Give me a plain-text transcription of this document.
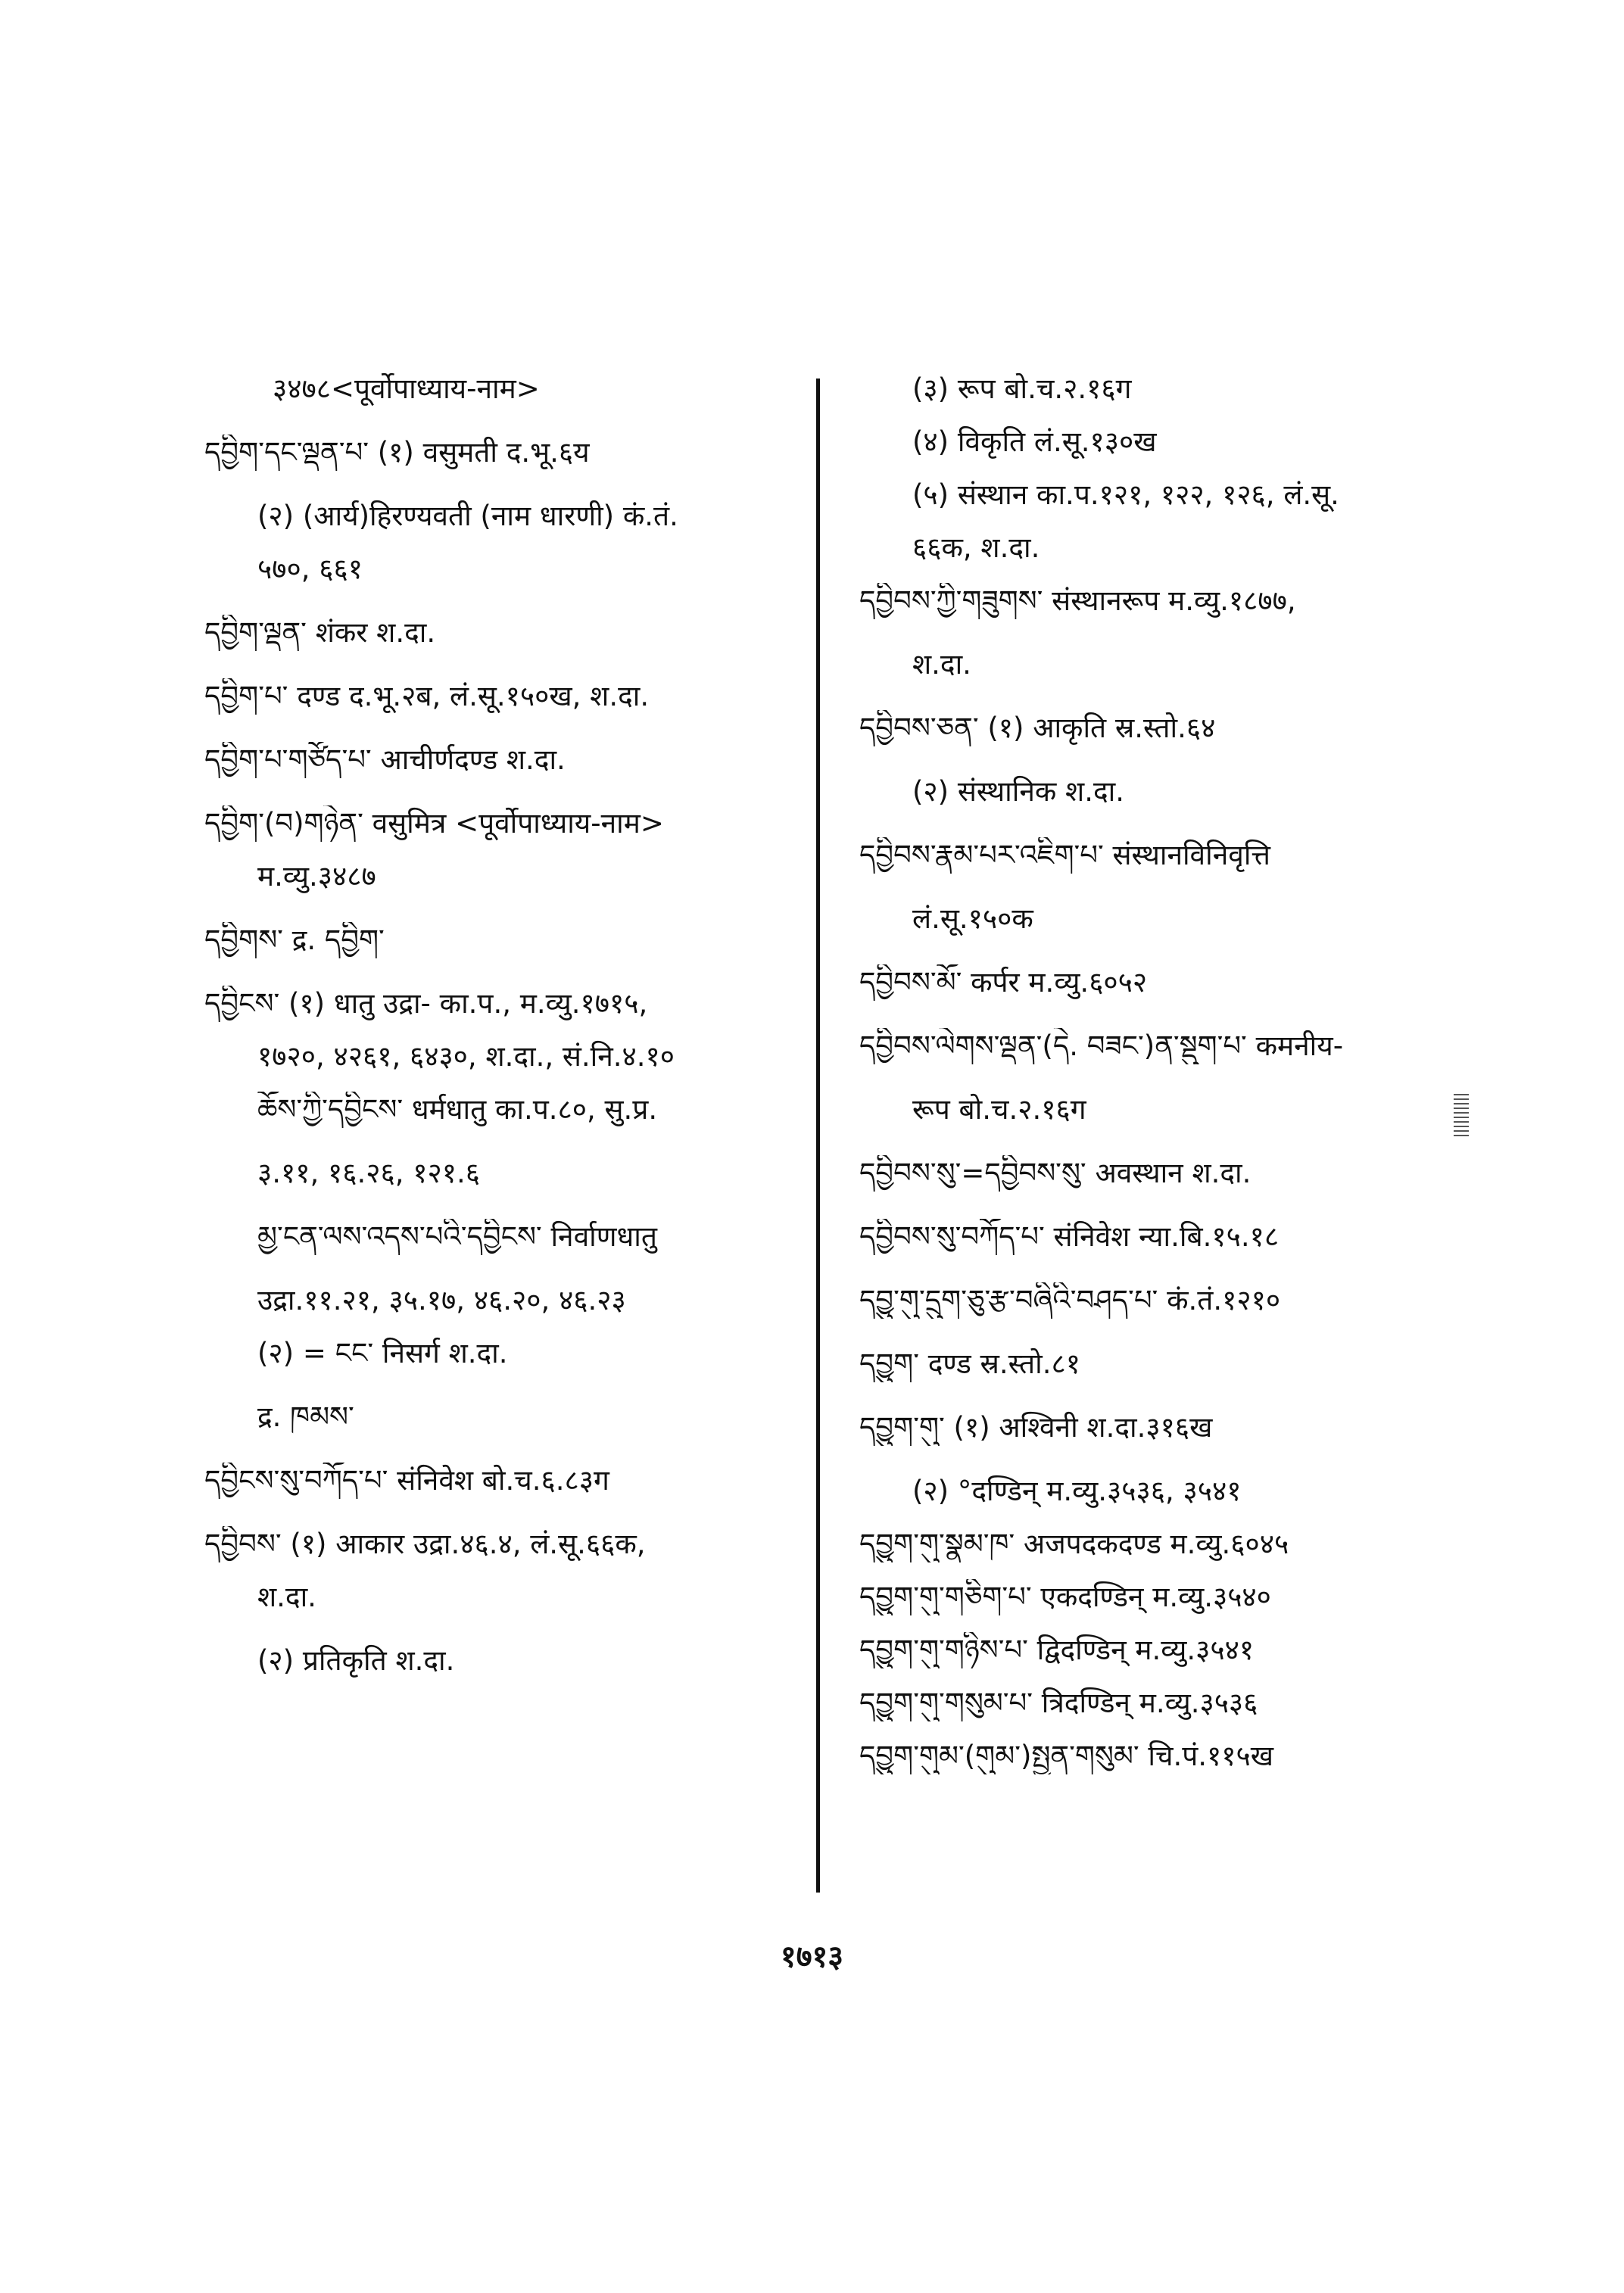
३४७८<पूर्वोपाध्याय-नाम>
དབྱིག་དང་ལྡན་པ་ (१) वसुमती द.भू.६य
(२) (आर्य)हिरण्यवती (नाम धारणी) कं.तं.
५७०, ६६१
དབྱིག་ལྡན་ शंकर श.दा.
དབྱིག་པ་ दण्ड द.भू.२ब, लं.सू.१५०ख, श.दा.
དབྱིག་པ་གཙོད་པ་ आचीर्णदण्ड श.दा.
དབྱིག་(བ)གཉེན་ वसुमित्र <पूर्वोपाध्याय-नाम>
म.व्यु.३४८७
དབྱིགས་ द्र. དབྱིག་
དབྱིངས་ (१) धातु उद्रा- का.प., म.व्यु.१७१५,
१७२०, ४२६१, ६४३०, श.दा., सं.नि.४.१०
ཆོས་ཀྱི་དབྱིངས་ धर्मधातु का.प.८०, सु.प्र.
३.११, १६.२६, १२१.६
མྱ་ངན་ལས་འདས་པའི་དབྱིངས་ निर्वाणधातु
उद्रा.११.२१, ३५.१७, ४६.२०, ४६.२३
(२) = ངང་ निसर्ग श.दा.
द्र. ཁམས་
དབྱིངས་སུ་བཀོད་པ་ संनिवेश बो.च.६.८३ग
དབྱིབས་ (१) आकार उद्रा.४६.४, लं.सू.६६क,
श.दा.
(२) प्रतिकृति श.दा.
(३) रूप बो.च.२.१६ग
(४) विकृति लं.सू.१३०ख
(५) संस्थान का.प.१२१, १२२, १२६, लं.सू.
६६क, श.दा.
དབྱིབས་ཀྱི་གཟུགས་ संस्थानरूप म.व्यु.१८७७,
श.दा.
དབྱིབས་ཅན་ (१) आकृति स्र.स्तो.६४
(२) संस्थानिक श.दा.
དབྱིབས་རྣམ་པར་འཇིག་པ་ संस्थानविनिवृत्ति
लं.सू.१५०क
དབྱིབས་མོ་ कर्पर म.व्यु.६०५२
དབྱིབས་ལེགས་ལྡན་(དེ. བཟང་)ན་སྡུག་པ་ कमनीय-
रूप बो.च.२.१६ग
དབྱིབས་སུ་=དབྱིབས་སུ་ अवस्थान श.दा.
དབྱིབས་སུ་བཀོད་པ་ संनिवेश न्या.बि.१५.१८
དབྱུ་གུ་དྲུག་ཅུ་རྩ་བཞིའི་བཤད་པ་ कं.तं.१२१०
དབྱུག་ दण्ड स्र.स्तो.८१
དབྱུག་གུ་ (१) अश्विनी श.दा.३१६ख
(२) °दण्डिन् म.व्यु.३५३६, ३५४१
དབྱུག་གུ་སྣམ་ཁ་ अजपदकदण्ड म.व्यु.६०४५
དབྱུག་གུ་གཅིག་པ་ एकदण्डिन् म.व्यु.३५४०
དབྱུག་གུ་གཉིས་པ་ द्विदण्डिन् म.व्यु.३५४१
དབྱུག་གུ་གསུམ་པ་ त्रिदण्डिन् म.व्यु.३५३६
དབྱུག་གུམ་(གུམ་)སྤྱན་གསུམ་ चि.पं.११५ख
१७१३
